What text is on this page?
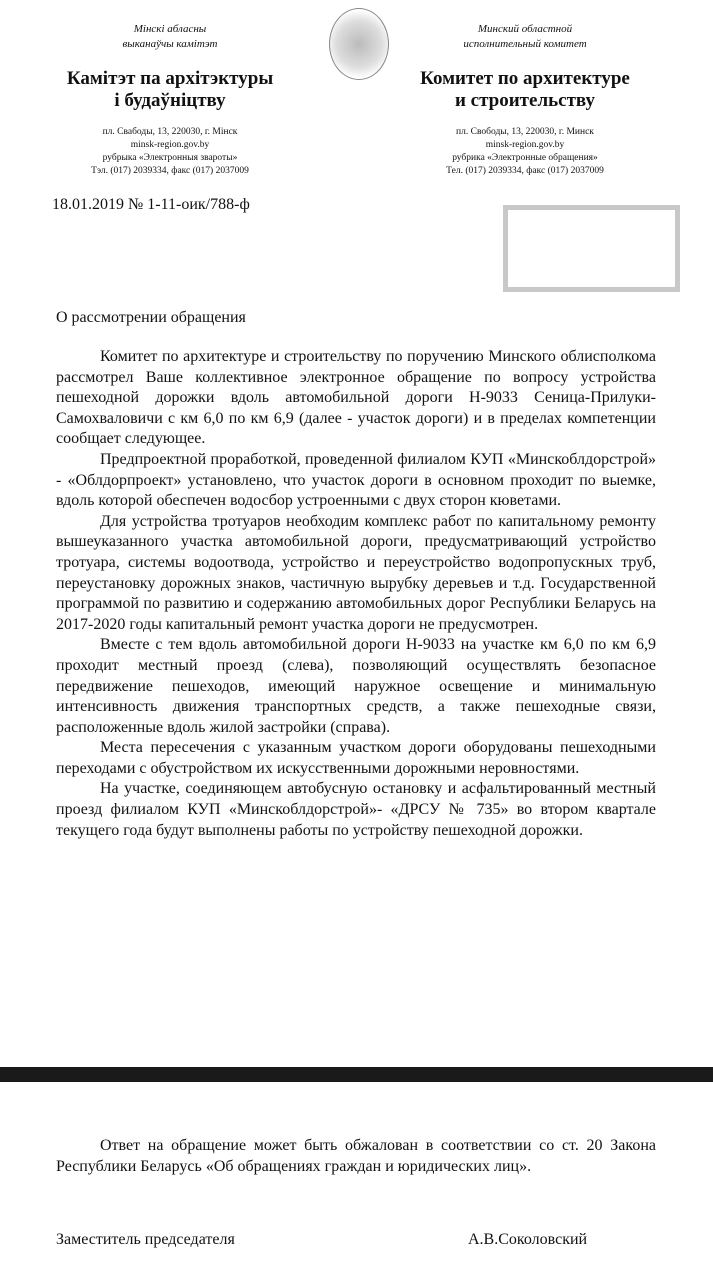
Мінскі абласны
выканаўчы камітэт
Камітэт па архітэктуры
і будаўніцтву
пл. Свабоды, 13, 220030, г. Мінск
minsk-region.gov.by
рубрыка «Электронныя звароты»
Тэл. (017) 2039334, факс (017) 2037009
Минский областной
исполнительный комитет
Комитет по архитектуре
и строительству
пл. Свободы, 13, 220030, г. Минск
minsk-region.gov.by
рубрика «Электронные обращения»
Тел. (017) 2039334, факс (017) 2037009
18.01.2019 № 1-11-оик/788-ф
О рассмотрении обращения

Комитет по архитектуре и строительству по поручению Минского облисполкома рассмотрел Ваше коллективное электронное обращение по вопросу устройства пешеходной дорожки вдоль автомобильной дороги Н-9033 Сеница-Прилуки- Самохваловичи с км 6,0 по км 6,9 (далее - участок дороги) и в пределах компетенции сообщает следующее.

Предпроектной проработкой, проведенной филиалом КУП «Минскоблдорстрой» - «Облдорпроект» установлено, что участок дороги в основном проходит по выемке, вдоль которой обеспечен водосбор устроенными с двух сторон кюветами.

Для устройства тротуаров необходим комплекс работ по капитальному ремонту вышеуказанного участка автомобильной дороги, предусматривающий устройство тротуара, системы водоотвода, устройство и переустройство водопропускных труб, переустановку дорожных знаков, частичную вырубку деревьев и т.д. Государственной программой по развитию и содержанию автомобильных дорог Республики Беларусь на 2017-2020 годы капитальный ремонт участка дороги не предусмотрен.

Вместе с тем вдоль автомобильной дороги Н-9033 на участке км 6,0 по км 6,9 проходит местный проезд (слева), позволяющий осуществлять безопасное передвижение пешеходов, имеющий наружное освещение и минимальную интенсивность движения транспортных средств, а также пешеходные связи, расположенные вдоль жилой застройки (справа).

Места пересечения с указанным участком дороги оборудованы пешеходными переходами с обустройством их искусственными дорожными неровностями.

На участке, соединяющем автобусную остановку и асфальтированный местный проезд филиалом КУП «Минскоблдорстрой»- «ДРСУ № 735» во втором квартале текущего года будут выполнены работы по устройству пешеходной дорожки.

Ответ на обращение может быть обжалован в соответствии со ст. 20 Закона Республики Беларусь «Об обращениях граждан и юридических лиц».

Заместитель председателя	А.В.Соколовский
